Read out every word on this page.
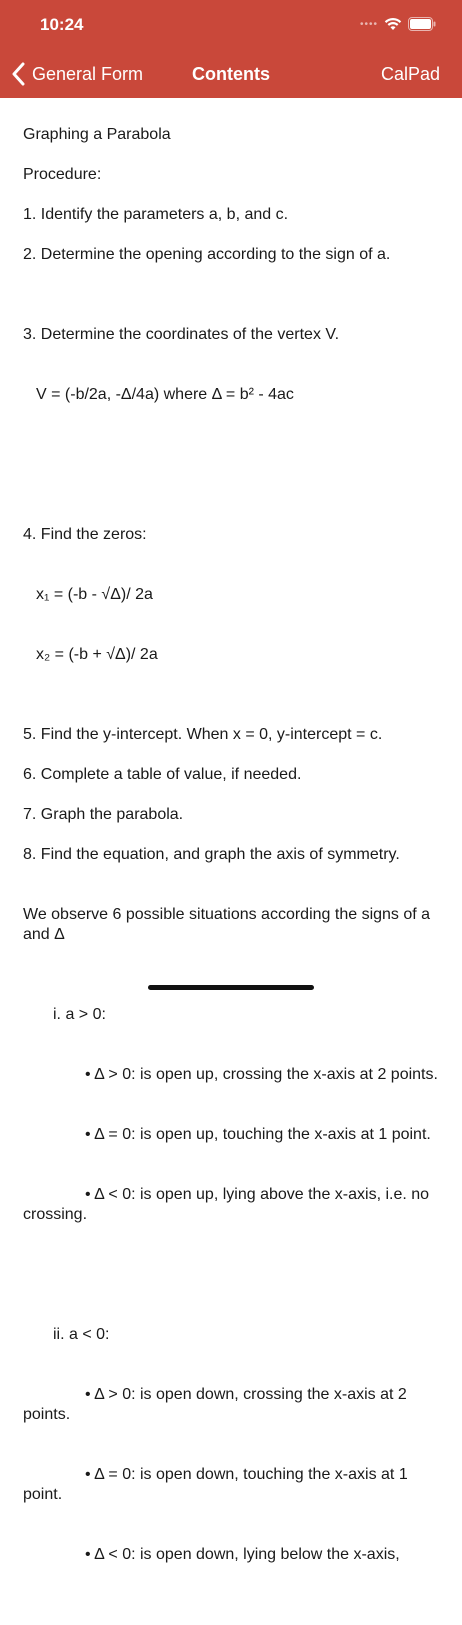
10:24	••••
General Form	Contents	CalPad

Graphing a Parabola

Procedure:

1. Identify the parameters a, b, and c.

2. Determine the opening according to the sign of a.

3. Determine the coordinates of the vertex V.

V = (-b/2a, -Δ/4a) where Δ = b² - 4ac

4. Find the zeros:

x₁ = (-b - √Δ)/ 2a

x₂ = (-b + √Δ)/ 2a

5. Find the y-intercept. When x = 0, y-intercept = c.

6. Complete a table of value, if needed.

7. Graph the parabola.

8. Find the equation, and graph the axis of symmetry.

We observe 6 possible situations according the signs of a and Δ

i. a > 0:

• Δ > 0: is open up, crossing the x-axis at 2 points.

• Δ = 0: is open up, touching the x-axis at 1 point.

• Δ < 0: is open up, lying above the x-axis, i.e. no crossing.

ii. a < 0:

• Δ > 0: is open down, crossing the x-axis at 2 points.

• Δ = 0: is open down, touching the x-axis at 1 point.

• Δ < 0: is open down, lying below the x-axis,
